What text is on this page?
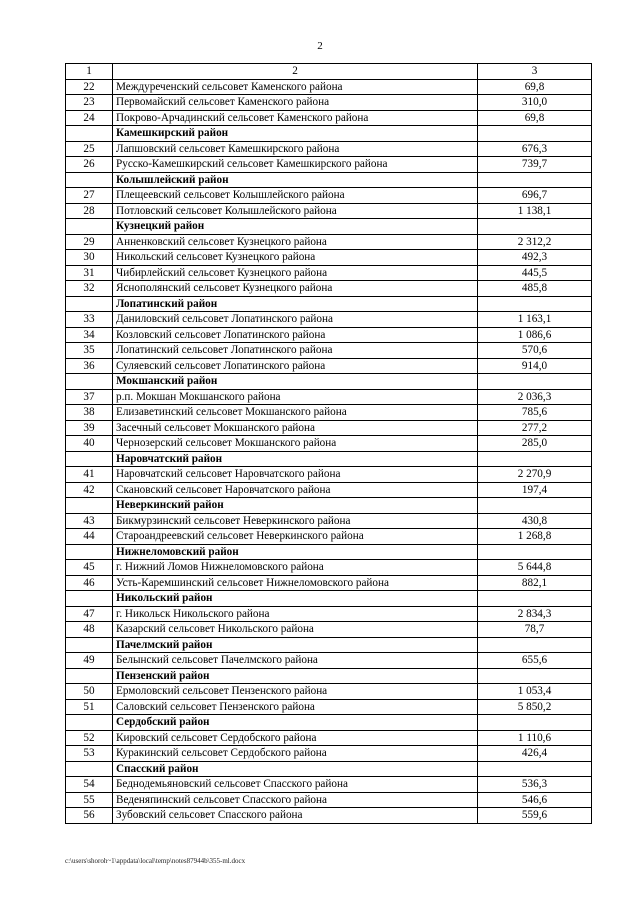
2
1	2	3
22	Междуреченский сельсовет Каменского района	69,8
23	Первомайский сельсовет Каменского района	310,0
24	Покрово-Арчадинский сельсовет Каменского района	69,8
	Камешкирский район	
25	Лапшовский сельсовет Камешкирского района	676,3
26	Русско-Камешкирский сельсовет Камешкирского района	739,7
	Колышлейский район	
27	Плещеевский сельсовет Колышлейского района	696,7
28	Потловский сельсовет Колышлейского района	1 138,1
	Кузнецкий район	
29	Анненковский сельсовет Кузнецкого района	2 312,2
30	Никольский сельсовет Кузнецкого района	492,3
31	Чибирлейский сельсовет Кузнецкого района	445,5
32	Яснополянский сельсовет Кузнецкого района	485,8
	Лопатинский район	
33	Даниловский сельсовет Лопатинского района	1 163,1
34	Козловский сельсовет Лопатинского района	1 086,6
35	Лопатинский сельсовет Лопатинского района	570,6
36	Суляевский сельсовет Лопатинского района	914,0
	Мокшанский район	
37	р.п. Мокшан Мокшанского района	2 036,3
38	Елизаветинский сельсовет Мокшанского района	785,6
39	Засечный сельсовет Мокшанского района	277,2
40	Чернозерский сельсовет Мокшанского района	285,0
	Наровчатский район	
41	Наровчатский сельсовет Наровчатского района	2 270,9
42	Скановский сельсовет Наровчатского района	197,4
	Неверкинский район	
43	Бикмурзинский сельсовет Неверкинского района	430,8
44	Староандреевский сельсовет Неверкинского района	1 268,8
	Нижнеломовский район	
45	г. Нижний Ломов Нижнеломовского района	5 644,8
46	Усть-Каремшинский сельсовет Нижнеломовского района	882,1
	Никольский район	
47	г. Никольск Никольского района	2 834,3
48	Казарский сельсовет Никольского района	78,7
	Пачелмский район	
49	Белынский сельсовет Пачелмского района	655,6
	Пензенский район	
50	Ермоловский сельсовет Пензенского района	1 053,4
51	Саловский сельсовет Пензенского района	5 850,2
	Сердобский район	
52	Кировский сельсовет Сердобского района	1 110,6
53	Куракинский сельсовет Сердобского района	426,4
	Спасский район	
54	Беднодемьяновский сельсовет Спасского района	536,3
55	Веденяпинский сельсовет Спасского района	546,6
56	Зубовский сельсовет Спасского района	559,6
c:\users\shoroh~1\appdata\local\temp\notes87944b\355-ml.docx
